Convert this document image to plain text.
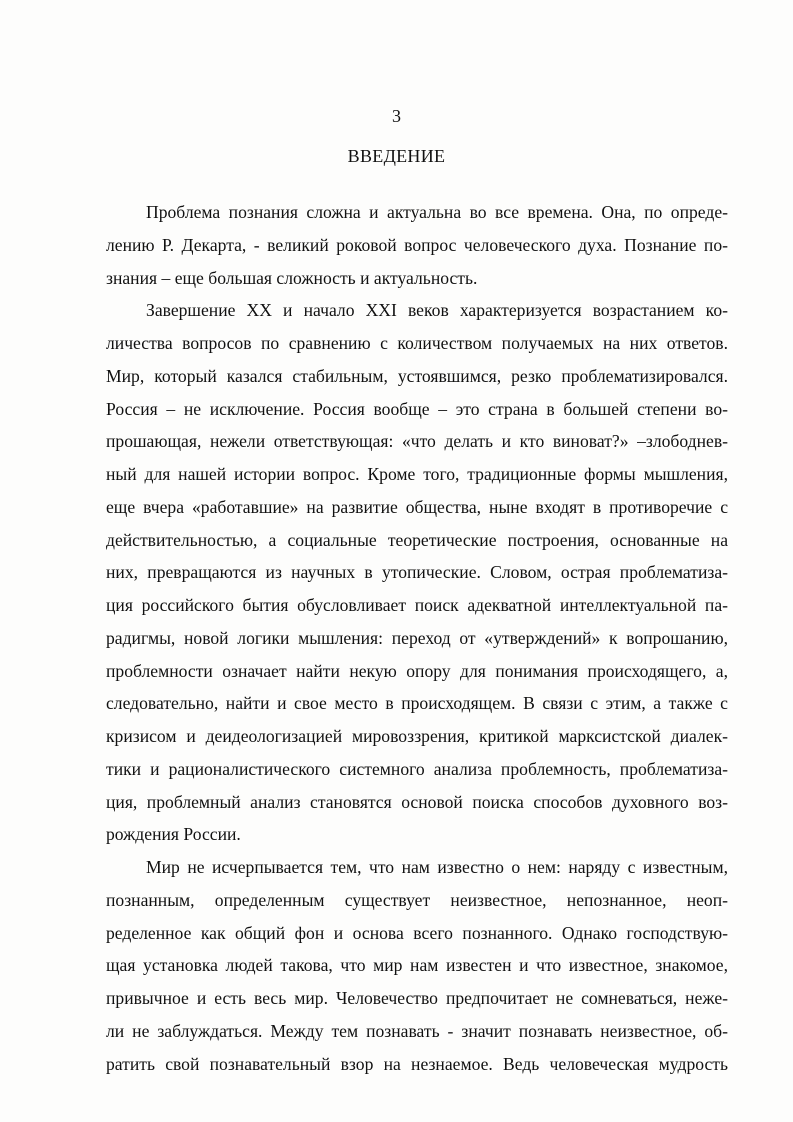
3
ВВЕДЕНИЕ
Проблема познания сложна и актуальна во все времена. Она, по опреде-
лению Р. Декарта, - великий роковой вопрос человеческого духа. Познание по-
знания – еще большая сложность и актуальность.
Завершение XX и начало XXI веков характеризуется возрастанием ко-
личества вопросов по сравнению с количеством получаемых на них ответов.
Мир, который казался стабильным, устоявшимся, резко проблематизировался.
Россия – не исключение. Россия вообще – это страна в большей степени во-
прошающая, нежели ответствующая: «что делать и кто виноват?» –злободнев-
ный для нашей истории вопрос. Кроме того, традиционные формы мышления,
еще вчера «работавшие» на развитие общества, ныне входят в противоречие с
действительностью, а социальные теоретические построения, основанные на
них, превращаются из научных в утопические. Словом, острая проблематиза-
ция российского бытия обусловливает поиск адекватной интеллектуальной па-
радигмы, новой логики мышления: переход от «утверждений» к вопрошанию,
проблемности означает найти некую опору для понимания происходящего, а,
следовательно, найти и свое место в происходящем. В связи с этим, а также с
кризисом и деидеологизацией мировоззрения, критикой марксистской диалек-
тики и рационалистического системного анализа проблемность, проблематиза-
ция, проблемный анализ становятся основой поиска способов духовного воз-
рождения России.
Мир не исчерпывается тем, что нам известно о нем: наряду с известным,
познанным, определенным существует неизвестное, непознанное, неоп-
ределенное как общий фон и основа всего познанного. Однако господствую-
щая установка людей такова, что мир нам известен и что известное, знакомое,
привычное и есть весь мир. Человечество предпочитает не сомневаться, неже-
ли не заблуждаться. Между тем познавать - значит познавать неизвестное, об-
ратить свой познавательный взор на незнаемое. Ведь человеческая мудрость
